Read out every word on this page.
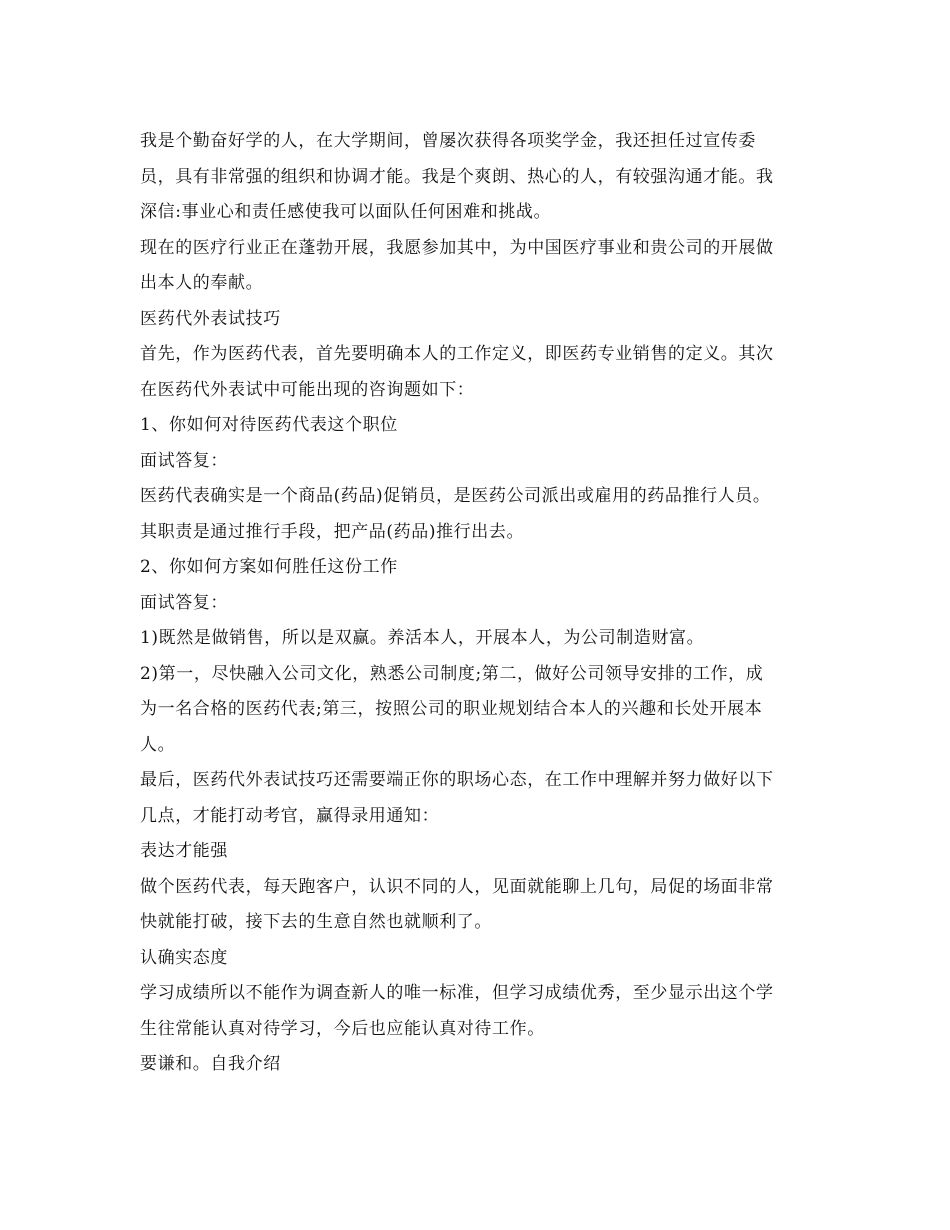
我是个勤奋好学的人，在大学期间，曾屡次获得各项奖学金，我还担任过宣传委
员，具有非常强的组织和协调才能。我是个爽朗、热心的人，有较强沟通才能。我
深信:事业心和责任感使我可以面队任何困难和挑战。
现在的医疗行业正在蓬勃开展，我愿参加其中，为中国医疗事业和贵公司的开展做
出本人的奉献。
医药代外表试技巧
首先，作为医药代表，首先要明确本人的工作定义，即医药专业销售的定义。其次
在医药代外表试中可能出现的咨询题如下：
1、你如何对待医药代表这个职位
面试答复：
医药代表确实是一个商品(药品)促销员，是医药公司派出或雇用的药品推行人员。
其职责是通过推行手段，把产品(药品)推行出去。
2、你如何方案如何胜任这份工作
面试答复：
1)既然是做销售，所以是双赢。养活本人，开展本人，为公司制造财富。
2)第一，尽快融入公司文化，熟悉公司制度;第二，做好公司领导安排的工作，成
为一名合格的医药代表;第三，按照公司的职业规划结合本人的兴趣和长处开展本
人。
最后，医药代外表试技巧还需要端正你的职场心态，在工作中理解并努力做好以下
几点，才能打动考官，赢得录用通知：
表达才能强
做个医药代表，每天跑客户，认识不同的人，见面就能聊上几句，局促的场面非常
快就能打破，接下去的生意自然也就顺利了。
认确实态度
学习成绩所以不能作为调查新人的唯一标准，但学习成绩优秀，至少显示出这个学
生往常能认真对待学习，今后也应能认真对待工作。
要谦和。自我介绍
